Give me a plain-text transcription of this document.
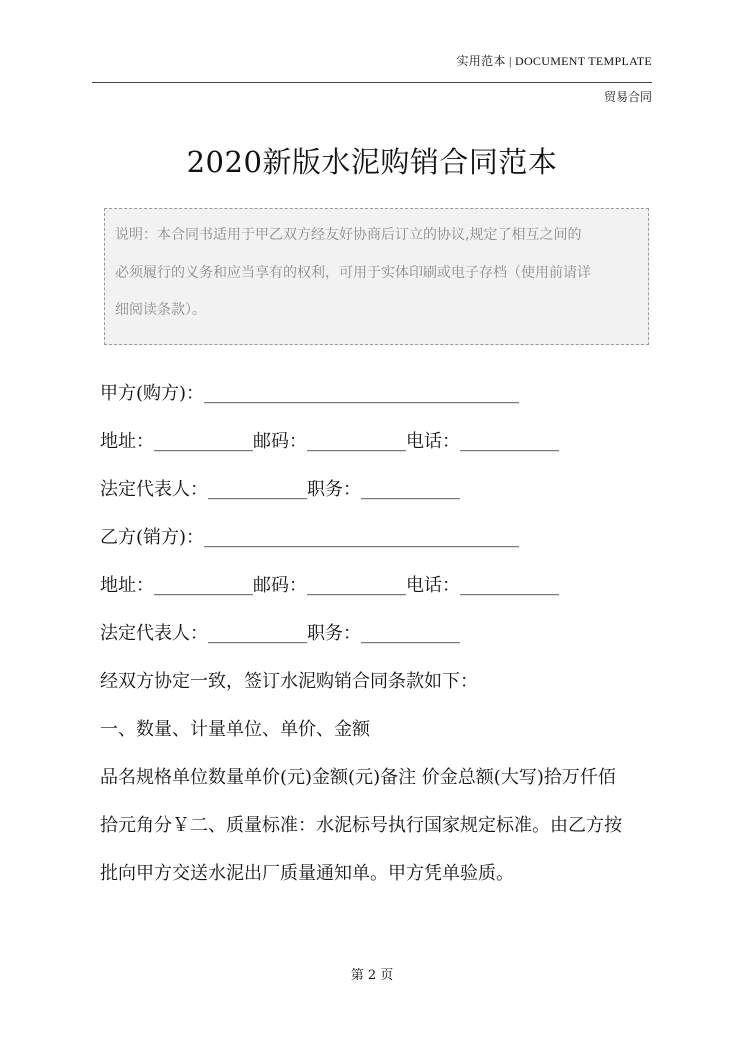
实用范本 | DOCUMENT TEMPLATE
贸易合同
2020新版水泥购销合同范本
说明：本合同书适用于甲乙双方经友好协商后订立的协议,规定了相互之间的
必须履行的义务和应当享有的权利，可用于实体印刷或电子存档（使用前请详
细阅读条款）。
甲方(购方)：___________________________________
地址：___________邮码：___________电话：___________
法定代表人：___________职务：___________
乙方(销方)：___________________________________
地址：___________邮码：___________电话：___________
法定代表人：___________职务：___________
经双方协定一致，签订水泥购销合同条款如下：
一、数量、计量单位、单价、金额
品名规格单位数量单价(元)金额(元)备注 价金总额(大写)拾万仟佰
拾元角分￥二、质量标准：水泥标号执行国家规定标准。由乙方按
批向甲方交送水泥出厂质量通知单。甲方凭单验质。
第 2 页
